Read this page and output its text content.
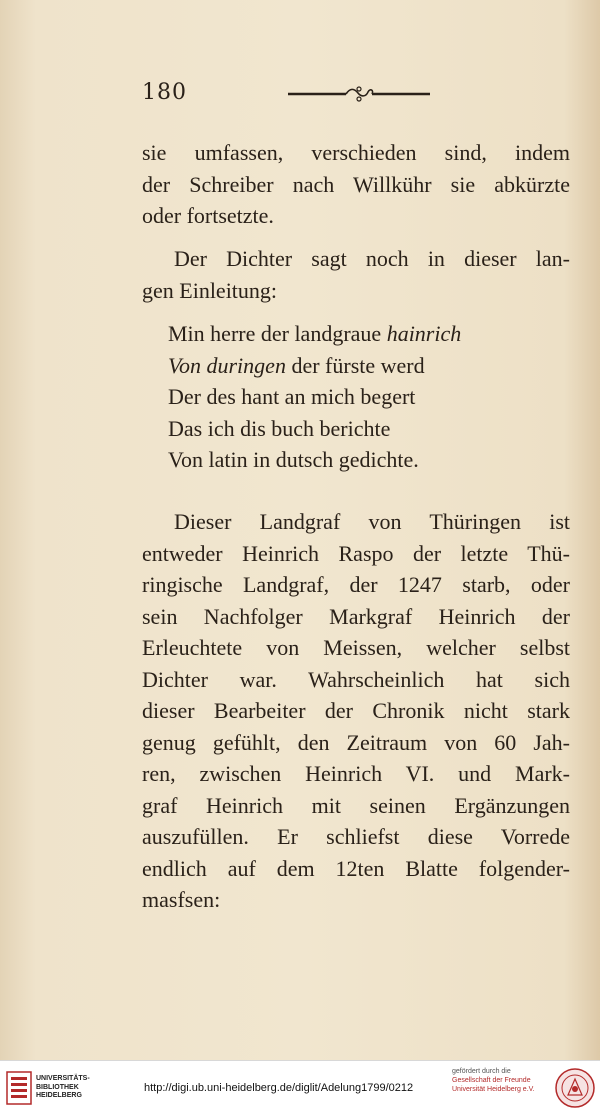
180
sie umfassen, verschieden sind, indem
der Schreiber nach Willkühr sie abkürzte
oder fortsetzte.
Der Dichter sagt noch in dieser lan-
gen Einleitung:
Min herre der landgraue hainrich
Von duringen der fürste werd
Der des hant an mich begert
Das ich dis buch berichte
Von latin in dutsch gedichte.
Dieser Landgraf von Thüringen ist
entweder Heinrich Raspo der letzte Thü-
ringische Landgraf, der 1247 starb, oder
sein Nachfolger Markgraf Heinrich der
Erleuchtete von Meissen, welcher selbst
Dichter war. Wahrscheinlich hat sich
dieser Bearbeiter der Chronik nicht stark
genug gefühlt, den Zeitraum von 60 Jah-
ren, zwischen Heinrich VI. und Mark-
graf Heinrich mit seinen Ergänzungen
auszufüllen. Er schliefst diese Vorrede
endlich auf dem 12ten Blatte folgender-
masfsen:
UNIVERSITÄTS-
BIBLIOTHEK
HEIDELBERG
http://digi.ub.uni-heidelberg.de/diglit/Adelung1799/0212
gefördert durch die
Gesellschaft der Freunde
Universität Heidelberg e.V.
